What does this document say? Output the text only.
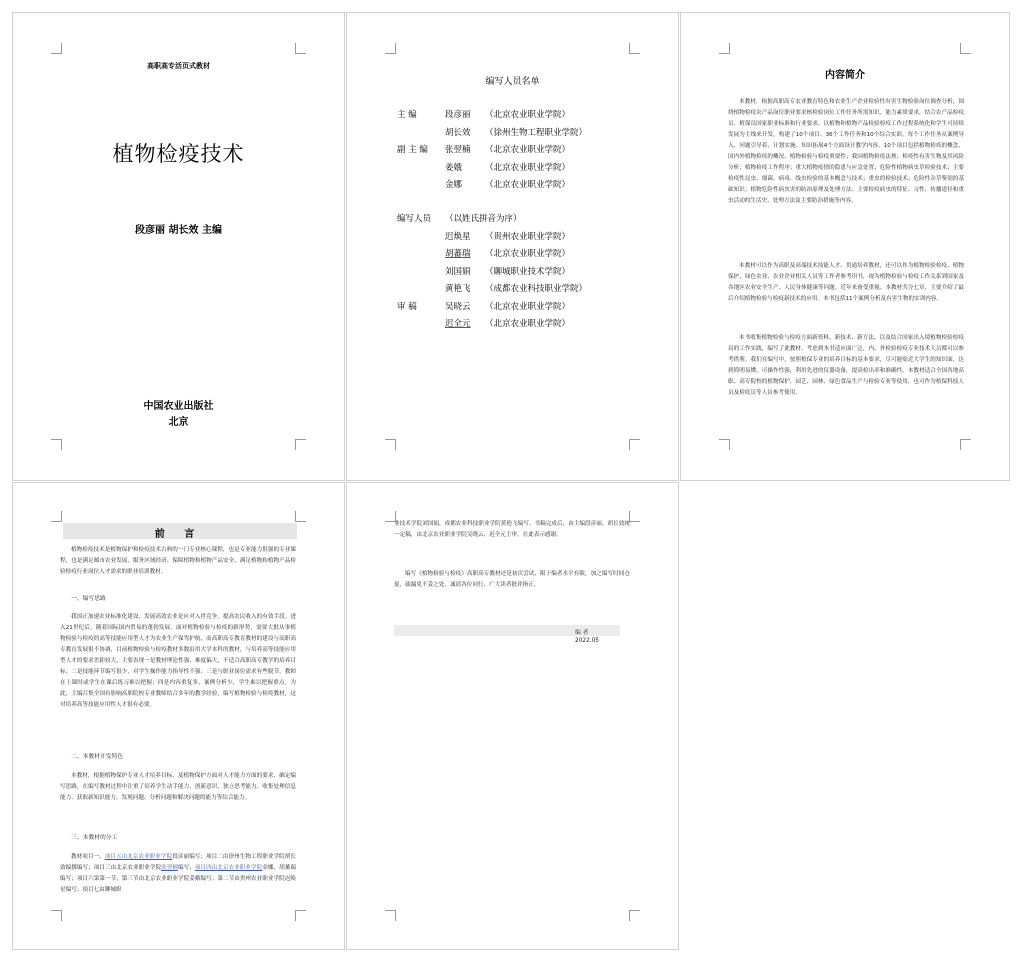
高职高专活页式教材
植物检疫技术
段彦丽 胡长效 主编
中国农业出版社
北京
编写人员名单
主 编	段彦丽 （北京农业职业学院）
胡长效 （徐州生物工程职业学院）
副 主 编 张翌楠 （北京农业职业学院）
姜娥	（北京农业职业学院）
金娜	（北京农业职业学院）
编写人员 （以姓氏拼音为序）
迟焕星 （贵州农业职业学院）
胡蕃瑞 （北京农业职业学院）
刘国娟 （聊城职业技术学院）
黄艳飞 （成都农业科技职业学院）
审 稿	吴晓云 （北京农业职业学院）
迟全元 （北京农业职业学院）
内容简介
本教材，根据高职高专农业教育特色和农业生产企业检验性有害生物检验岗位调查分析，围绕植物检疫农产品岗位职业要求核检验岗位工作任务所需知识、能力素质要求，结合农产品检疫员、植保员国家职业标准和行业要求，以植物和植物产品检验检疫工作过程系统化和学生可持续发展为主线来开发，构建了10个项目、36个工作任务和10个综合实训，每个工作任务从案例导入、问题引导着、计划实施、知识拓展4个方面设计教学内容。10个项目包括植物检疫的概念、国内外植物检疫的概况、植物检验与检疫重要性；我国植物检疫法规；检疫性有害生物及其风险分析；植物检疫工作程序；重大植物疫情的隐患与应急处置；危险性植物病虫草检验技术；主要检疫性昆虫、细菌、病毒、线虫检验的基本概念与技术；重虫的检验技术；危险性杂草鉴别的基础知识；植物危险性病虫害的防治原理及处理方法；主要检疫病虫的特征、习性、传播途径和重虫活动的生活史、处理方法及主要防治措施等内容。
本教材可以作为高职及高端技术技能人才、贯通培养教材，还可以作为植物检验检疫、植物保护、绿色农业、农业企业相关人员等工作者参考用书，视为植物检验与检疫工作关系到国家及各地区农业安全生产、人民身体健康等问题。近年来备受重视。本教材共分七章，主要介绍了最后介绍植物检验与检疫新技术的应用。本书包括11个案例分析及有害生物的实训内容。
本书收集植物检验与检疫方面新资料、新技术、新方法，以及结合国家出入境植物检验检疫局的工作实践，编写了此教材。考虑到本书适应面广泛，内、外检验检疫专业技术人员都可以参考借鉴。我们在编写中，按照植保专业的培养目标的基本要求，尽可能贴近大学生的知识面，达到简明易懂，可操作性强，利用先进的仪器设备，提高检出率和准确性。本教材适合全国各地高职、高专院校的植物保护、园艺、园林、绿色食品生产与检验专业等使用，也可作为植保科技人员及检疫员等人员参考使用。
前 言
植物检疫技术是植物保护和检疫技术古典的一门专业核心课程，也是专业能力很强的专业课程，也是满足邮市农业发展、服务区域经济、保障植物和植物产品安全、满足植物和植物产品检验检疫行业岗位人才需求的职业培训教材。
一、编写思路
我国正加速农业标准化建设、发展高效农业是应对入世竞争，提高农民收入的有效手段。进入21世纪后，随着国际国内贸易的蓬勃发展，面对植物检验与检疫的新形势，需要大批从事植物检验与检疫的高等技能应用型人才为农业生产保驾护航，而高职高专教育教材的建设与高职高专教育发展很不协调，目前植物检验与检疫教材多数沿用大学本科的教材，与培养高等技能应用型人才的要求差距较大，主要表现一是教材理论性强、难度偏大，不适合高职高专教学的培养目标；二是技能环节编写很少，对学生操作能力指导性不强；三是与职业岗位需求有些脱节，教师在上课时或学生在课后练习难以把握；四是内容重复多，案例分析少，学生难以把握重点。为此，主编召集全国有影响高职院校专业教师结合多年的教学经验，编写植物检验与检疫教材，这对培养高等技能应用性人才很有必要。
二、本教材开发特色
本教材，根据植物保护专业人才培养目标，及植物保护方面对人才能力方面的要求，确定编写思路，在编写教材过程中注重了培养学生动手能力、创新意识、独立思考能力、收集处理信息能力、获取新知识能力、发现问题、分析问题和解决问题的能力等综合能力。
三、本教材的分工
教材项目一、项目五由北京农业职业学院段彦丽编写；项目二由徐州生物工程职业学院胡长效编撰编写；项目三由北京农业职业学院张翌楠编写；项目四由北京农业职业学院金娜、胡蕃瑞编写；项目六第第一节、第三节由北京农业职业学院姜娥编写；第二节由贵州农业职业学院迟焕星编写；项目七由聊城职
业技术学院刘国娟，成都农业科技职业学院黄艳飞编写。书稿完成后，由主编段彦丽、胡长效统一定稿，由北京农业职业学院吴晓云、迟全元主审，在此表示感谢。
编写《植物检验与检疫》高职高专教材还是初次尝试，限于编者水平有限，加之编写时间仓促，疏漏免不妥之处，诚请各位同行、广大读者批评指正。
编 者
2022.05
